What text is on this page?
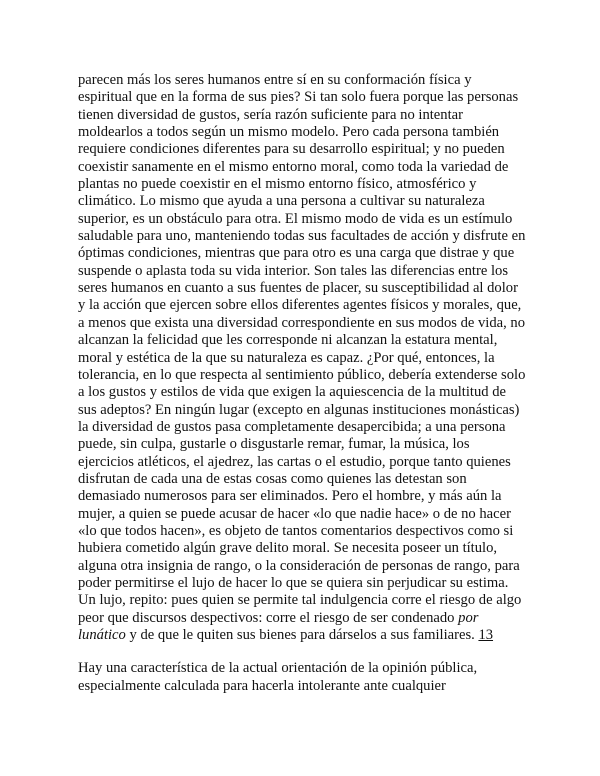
parecen más los seres humanos entre sí en su conformación física y espiritual que en la forma de sus pies? Si tan solo fuera porque las personas tienen diversidad de gustos, sería razón suficiente para no intentar moldearlos a todos según un mismo modelo. Pero cada persona también requiere condiciones diferentes para su desarrollo espiritual; y no pueden coexistir sanamente en el mismo entorno moral, como toda la variedad de plantas no puede coexistir en el mismo entorno físico, atmosférico y climático. Lo mismo que ayuda a una persona a cultivar su naturaleza superior, es un obstáculo para otra. El mismo modo de vida es un estímulo saludable para uno, manteniendo todas sus facultades de acción y disfrute en óptimas condiciones, mientras que para otro es una carga que distrae y que suspende o aplasta toda su vida interior. Son tales las diferencias entre los seres humanos en cuanto a sus fuentes de placer, su susceptibilidad al dolor y la acción que ejercen sobre ellos diferentes agentes físicos y morales, que, a menos que exista una diversidad correspondiente en sus modos de vida, no alcanzan la felicidad que les corresponde ni alcanzan la estatura mental, moral y estética de la que su naturaleza es capaz. ¿Por qué, entonces, la tolerancia, en lo que respecta al sentimiento público, debería extenderse solo a los gustos y estilos de vida que exigen la aquiescencia de la multitud de sus adeptos? En ningún lugar (excepto en algunas instituciones monásticas) la diversidad de gustos pasa completamente desapercibida; a una persona puede, sin culpa, gustarle o disgustarle remar, fumar, la música, los ejercicios atléticos, el ajedrez, las cartas o el estudio, porque tanto quienes disfrutan de cada una de estas cosas como quienes las detestan son demasiado numerosos para ser eliminados. Pero el hombre, y más aún la mujer, a quien se puede acusar de hacer «lo que nadie hace» o de no hacer «lo que todos hacen», es objeto de tantos comentarios despectivos como si hubiera cometido algún grave delito moral. Se necesita poseer un título, alguna otra insignia de rango, o la consideración de personas de rango, para poder permitirse el lujo de hacer lo que se quiera sin perjudicar su estima. Un lujo, repito: pues quien se permite tal indulgencia corre el riesgo de algo peor que discursos despectivos: corre el riesgo de ser condenado por lunático y de que le quiten sus bienes para dárselos a sus familiares. 13

Hay una característica de la actual orientación de la opinión pública, especialmente calculada para hacerla intolerante ante cualquier
